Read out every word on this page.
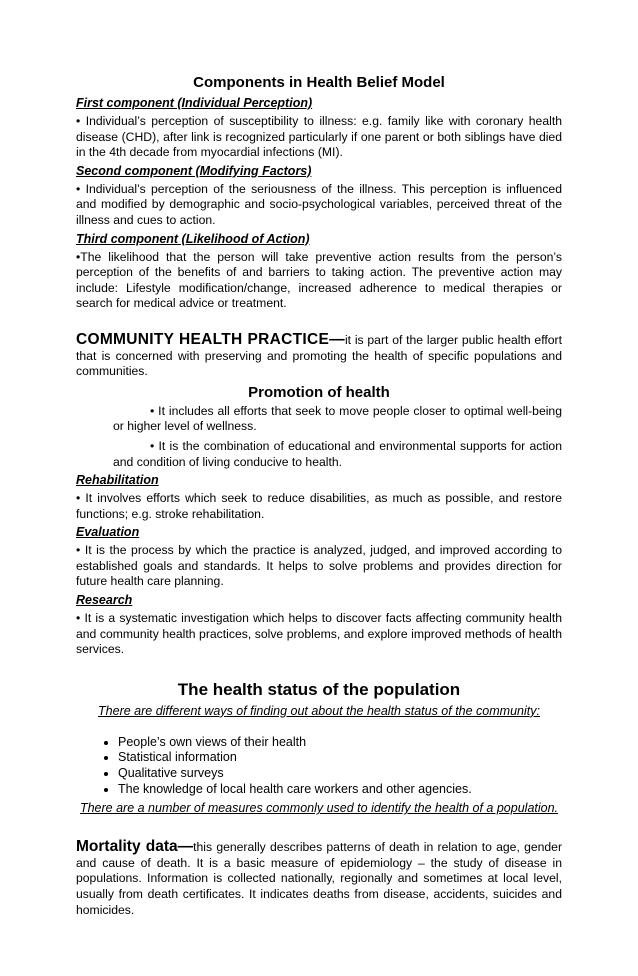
Components in Health Belief Model

First component (Individual Perception)

• Individual’s perception of susceptibility to illness: e.g. family like with coronary health disease (CHD), after link is recognized particularly if one parent or both siblings have died in the 4th decade from myocardial infections (MI).

Second component (Modifying Factors)

• Individual’s perception of the seriousness of the illness. This perception is influenced and modified by demographic and socio-psychological variables, perceived threat of the illness and cues to action.

Third component (Likelihood of Action)

•The likelihood that the person will take preventive action results from the person’s perception of the benefits of and barriers to taking action. The preventive action may include: Lifestyle modification/change, increased adherence to medical therapies or search for medical advice or treatment.

COMMUNITY HEALTH PRACTICE—it is part of the larger public health effort that is concerned with preserving and promoting the health of specific populations and communities.

Promotion of health

• It includes all efforts that seek to move people closer to optimal well-being or higher level of wellness.

• It is the combination of educational and environmental supports for action and condition of living conducive to health.

Rehabilitation

• It involves efforts which seek to reduce disabilities, as much as possible, and restore functions; e.g. stroke rehabilitation.

Evaluation

• It is the process by which the practice is analyzed, judged, and improved according to established goals and standards. It helps to solve problems and provides direction for future health care planning.

Research

• It is a systematic investigation which helps to discover facts affecting community health and community health practices, solve problems, and explore improved methods of health services.

The health status of the population

There are different ways of finding out about the health status of the community:

• People’s own views of their health
• Statistical information
• Qualitative surveys
• The knowledge of local health care workers and other agencies.

There are a number of measures commonly used to identify the health of a population.

Mortality data—this generally describes patterns of death in relation to age, gender and cause of death. It is a basic measure of epidemiology – the study of disease in populations. Information is collected nationally, regionally and sometimes at local level, usually from death certificates. It indicates deaths from disease, accidents, suicides and homicides.
